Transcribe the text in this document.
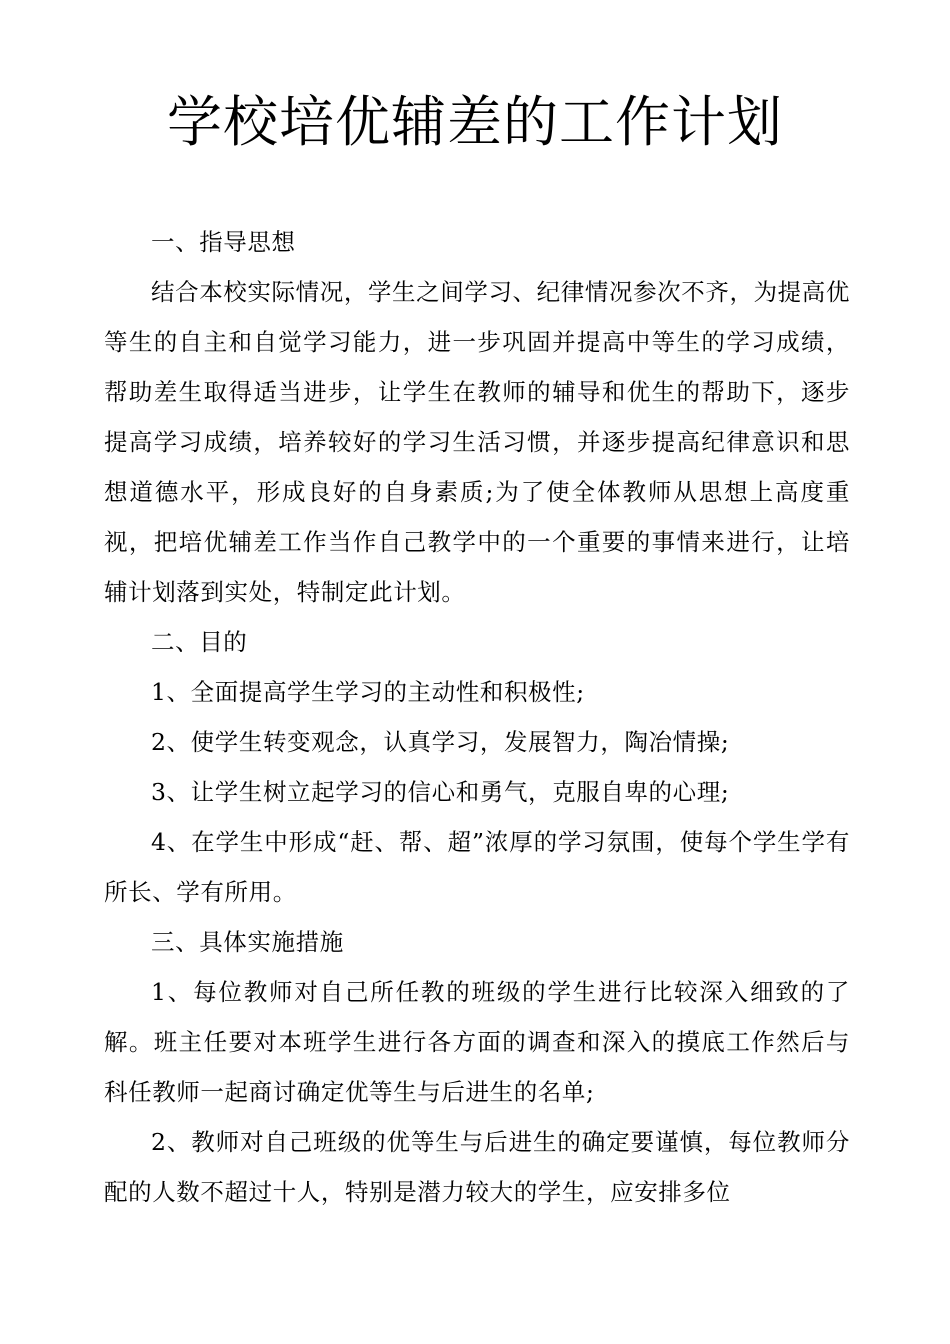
学校培优辅差的工作计划

一、指导思想

结合本校实际情况，学生之间学习、纪律情况参次不齐，为提高优等生的自主和自觉学习能力，进一步巩固并提高中等生的学习成绩，帮助差生取得适当进步，让学生在教师的辅导和优生的帮助下，逐步提高学习成绩，培养较好的学习生活习惯，并逐步提高纪律意识和思想道德水平，形成良好的自身素质;为了使全体教师从思想上高度重视，把培优辅差工作当作自己教学中的一个重要的事情来进行，让培辅计划落到实处，特制定此计划。

二、目的

1、全面提高学生学习的主动性和积极性;

2、使学生转变观念，认真学习，发展智力，陶冶情操;

3、让学生树立起学习的信心和勇气，克服自卑的心理;

4、在学生中形成“赶、帮、超”浓厚的学习氛围，使每个学生学有所长、学有所用。

三、具体实施措施

1、每位教师对自己所任教的班级的学生进行比较深入细致的了解。班主任要对本班学生进行各方面的调查和深入的摸底工作然后与科任教师一起商讨确定优等生与后进生的名单;

2、教师对自己班级的优等生与后进生的确定要谨慎，每位教师分配的人数不超过十人，特别是潜力较大的学生，应安排多位
